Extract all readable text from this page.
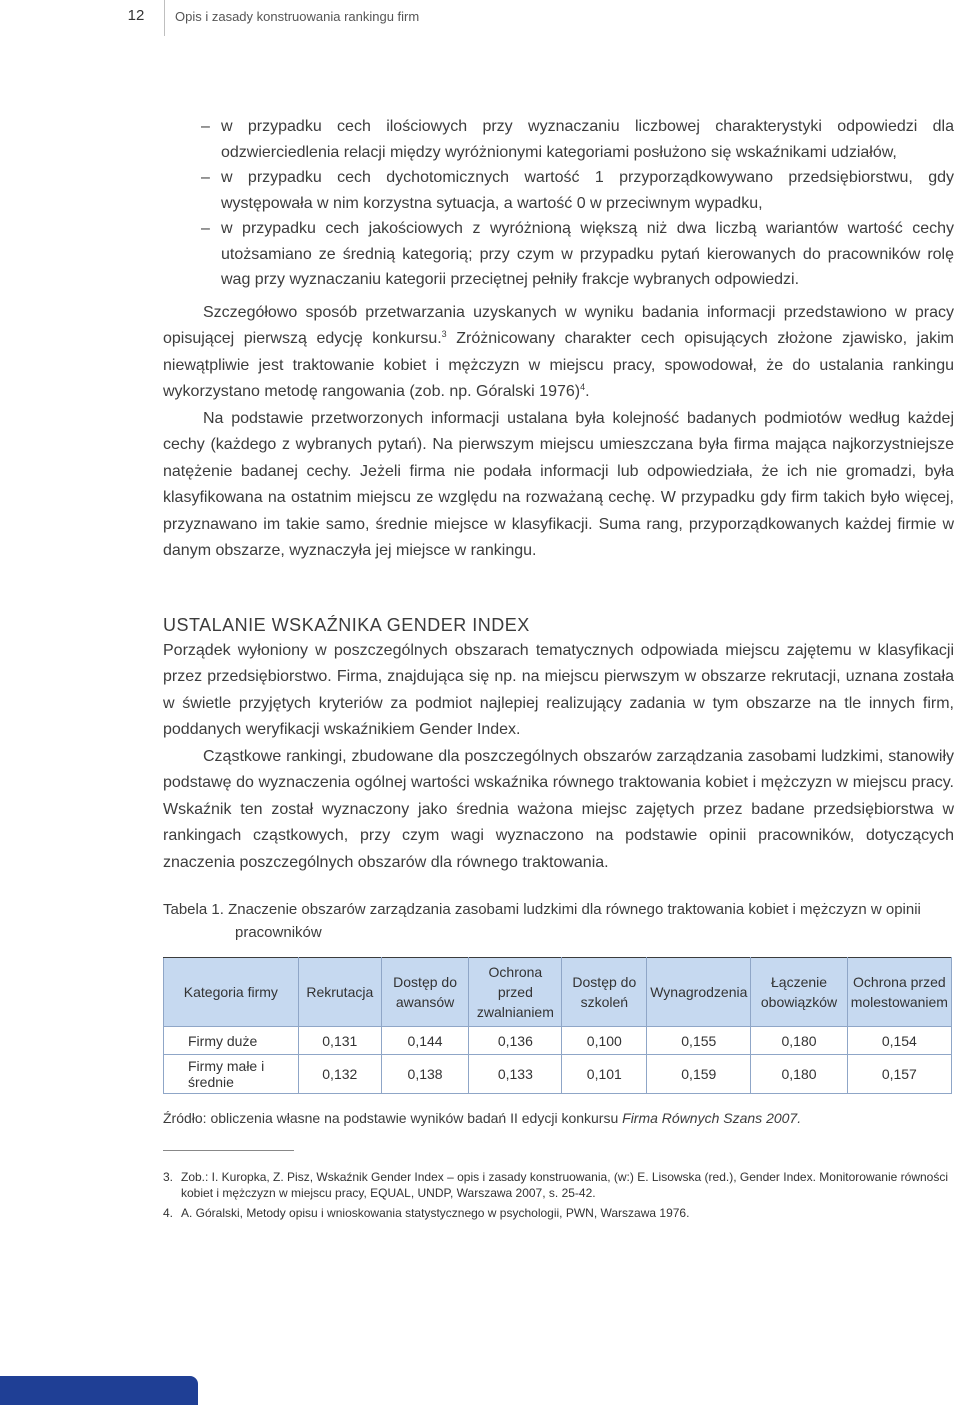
12	Opis i zasady konstruowania rankingu firm
– w przypadku cech ilościowych przy wyznaczaniu liczbowej charakterystyki odpowiedzi dla odzwierciedlenia relacji między wyróżnionymi kategoriami posłużono się wskaźnikami udziałów,
– w przypadku cech dychotomicznych wartość 1 przyporządkowywano przedsiębiorstwu, gdy występowała w nim korzystna sytuacja, a wartość 0 w przeciwnym wypadku,
– w przypadku cech jakościowych z wyróżnioną większą niż dwa liczbą wariantów wartość cechy utożsamiano ze średnią kategorią; przy czym w przypadku pytań kierowanych do pracowników rolę wag przy wyznaczaniu kategorii przeciętnej pełniły frakcje wybranych odpowiedzi.

Szczegółowo sposób przetwarzania uzyskanych w wyniku badania informacji przedstawiono w pracy opisującej pierwszą edycję konkursu.$^3$ Zróżnicowany charakter cech opisujących złożone zjawisko, jakim niewątpliwie jest traktowanie kobiet i mężczyzn w miejscu pracy, spowodował, że do ustalania rankingu wykorzystano metodę rangowania (zob. np. Góralski 1976)$^4$.

Na podstawie przetworzonych informacji ustalana była kolejność badanych podmiotów według każdej cechy (każdego z wybranych pytań). Na pierwszym miejscu umieszczana była firma mająca najkorzystniejsze natężenie badanej cechy. Jeżeli firma nie podała informacji lub odpowiedziała, że ich nie gromadzi, była klasyfikowana na ostatnim miejscu ze względu na rozważaną cechę. W przypadku gdy firm takich było więcej, przyznawano im takie samo, średnie miejsce w klasyfikacji. Suma rang, przyporządkowanych każdej firmie w danym obszarze, wyznaczyła jej miejsce w rankingu.

USTALANIE WSKAŹNIKA GENDER INDEX

Porządek wyłoniony w poszczególnych obszarach tematycznych odpowiada miejscu zajętemu w klasyfikacji przez przedsiębiorstwo. Firma, znajdująca się np. na miejscu pierwszym w obszarze rekrutacji, uznana została w świetle przyjętych kryteriów za podmiot najlepiej realizujący zadania w tym obszarze na tle innych firm, poddanych weryfikacji wskaźnikiem Gender Index.

Cząstkowe rankingi, zbudowane dla poszczególnych obszarów zarządzania zasobami ludzkimi, stanowiły podstawę do wyznaczenia ogólnej wartości wskaźnika równego traktowania kobiet i mężczyzn w miejscu pracy. Wskaźnik ten został wyznaczony jako średnia ważona miejsc zajętych przez badane przedsiębiorstwa w rankingach cząstkowych, przy czym wagi wyznaczono na podstawie opinii pracowników, dotyczących znaczenia poszczególnych obszarów dla równego traktowania.

Tabela 1. Znaczenie obszarów zarządzania zasobami ludzkimi dla równego traktowania kobiet i mężczyzn w opinii pracowników
Kategoria firmy	Rekrutacja	Dostęp do awansów	Ochrona przed zwalnianiem	Dostęp do szkoleń	Wynagrodzenia	Łączenie obowiązków	Ochrona przed molestowaniem
Firmy duże	0,131	0,144	0,136	0,100	0,155	0,180	0,154
Firmy małe i średnie	0,132	0,138	0,133	0,101	0,159	0,180	0,157
Źródło: obliczenia własne na podstawie wyników badań II edycji konkursu Firma Równych Szans 2007.
3. Zob.: I. Kuropka, Z. Pisz, Wskaźnik Gender Index – opis i zasady konstruowania, (w:) E. Lisowska (red.), Gender Index. Monitorowanie równości kobiet i mężczyzn w miejscu pracy, EQUAL, UNDP, Warszawa 2007, s. 25-42.
4. A. Góralski, Metody opisu i wnioskowania statystycznego w psychologii, PWN, Warszawa 1976.
